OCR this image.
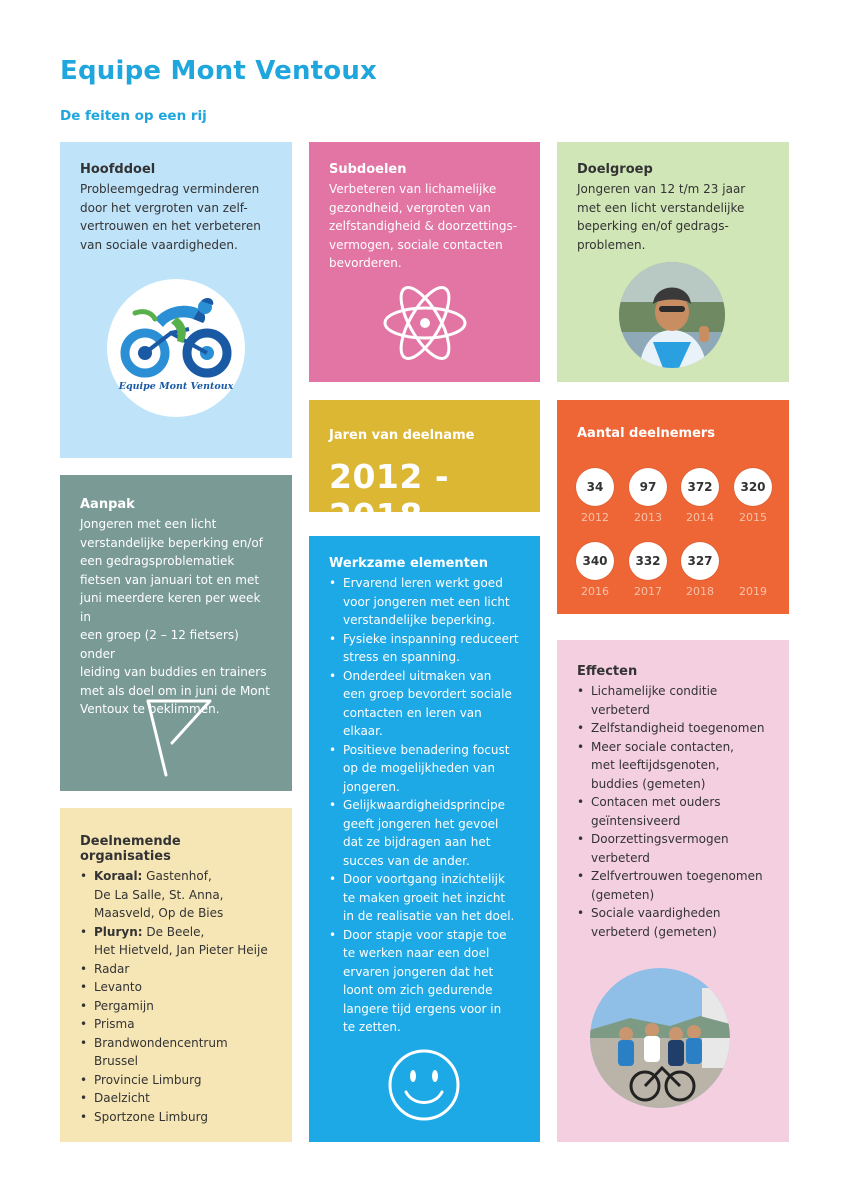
Equipe Mont Ventoux
De feiten op een rij
Hoofddoel

Probleemgedrag verminderen
door het vergroten van zelf-
vertrouwen en het verbeteren
van sociale vaardigheden.

Equipe Mont Ventoux
Subdoelen

Verbeteren van lichamelijke
gezondheid, vergroten van
zelfstandigheid & doorzettings-
vermogen, sociale contacten
bevorderen.

Doelgroep

Jongeren van 12 t/m 23 jaar
met een licht verstandelijke
beperking en/of gedrags-
problemen.

Jaren van deelname
2012 - 2018
Aantal deelnemers
34
2012
97
2013
372
2014
320
2015
340
2016
332
2017
327
2018	2019
Aanpak

Jongeren met een licht
verstandelijke beperking en/of
een gedragsproblematiek
fietsen van januari tot en met
juni meerdere keren per week in
een groep (2 – 12 fietsers) onder
leiding van buddies en trainers
met als doel om in juni de Mont
Ventoux te beklimmen.

Werkzame elementen
• Ervarend leren werkt goed
voor jongeren met een licht
verstandelijke beperking.
• Fysieke inspanning reduceert
stress en spanning.
• Onderdeel uitmaken van
een groep bevordert sociale
contacten en leren van
elkaar.
• Positieve benadering focust
op de mogelijkheden van
jongeren.
• Gelijkwaardigheidsprincipe
geeft jongeren het gevoel
dat ze bijdragen aan het
succes van de ander.
• Door voortgang inzichtelijk
te maken groeit het inzicht
in de realisatie van het doel.
• Door stapje voor stapje toe
te werken naar een doel
ervaren jongeren dat het
loont om zich gedurende
langere tijd ergens voor in
te zetten.
Effecten
• Lichamelijke conditie
verbeterd
• Zelfstandigheid toegenomen
• Meer sociale contacten,
met leeftijdsgenoten,
buddies (gemeten)
• Contacen met ouders
geïntensiveerd
• Doorzettingsvermogen
verbeterd
• Zelfvertrouwen toegenomen
(gemeten)
• Sociale vaardigheden
verbeterd (gemeten)
Deelnemende organisaties
• Koraal: Gastenhof,
De La Salle, St. Anna,
Maasveld, Op de Bies
• Pluryn: De Beele,
Het Hietveld, Jan Pieter Heije
• Radar
• Levanto
• Pergamijn
• Prisma
• Brandwondencentrum
Brussel
• Provincie Limburg
• Daelzicht
• Sportzone Limburg
